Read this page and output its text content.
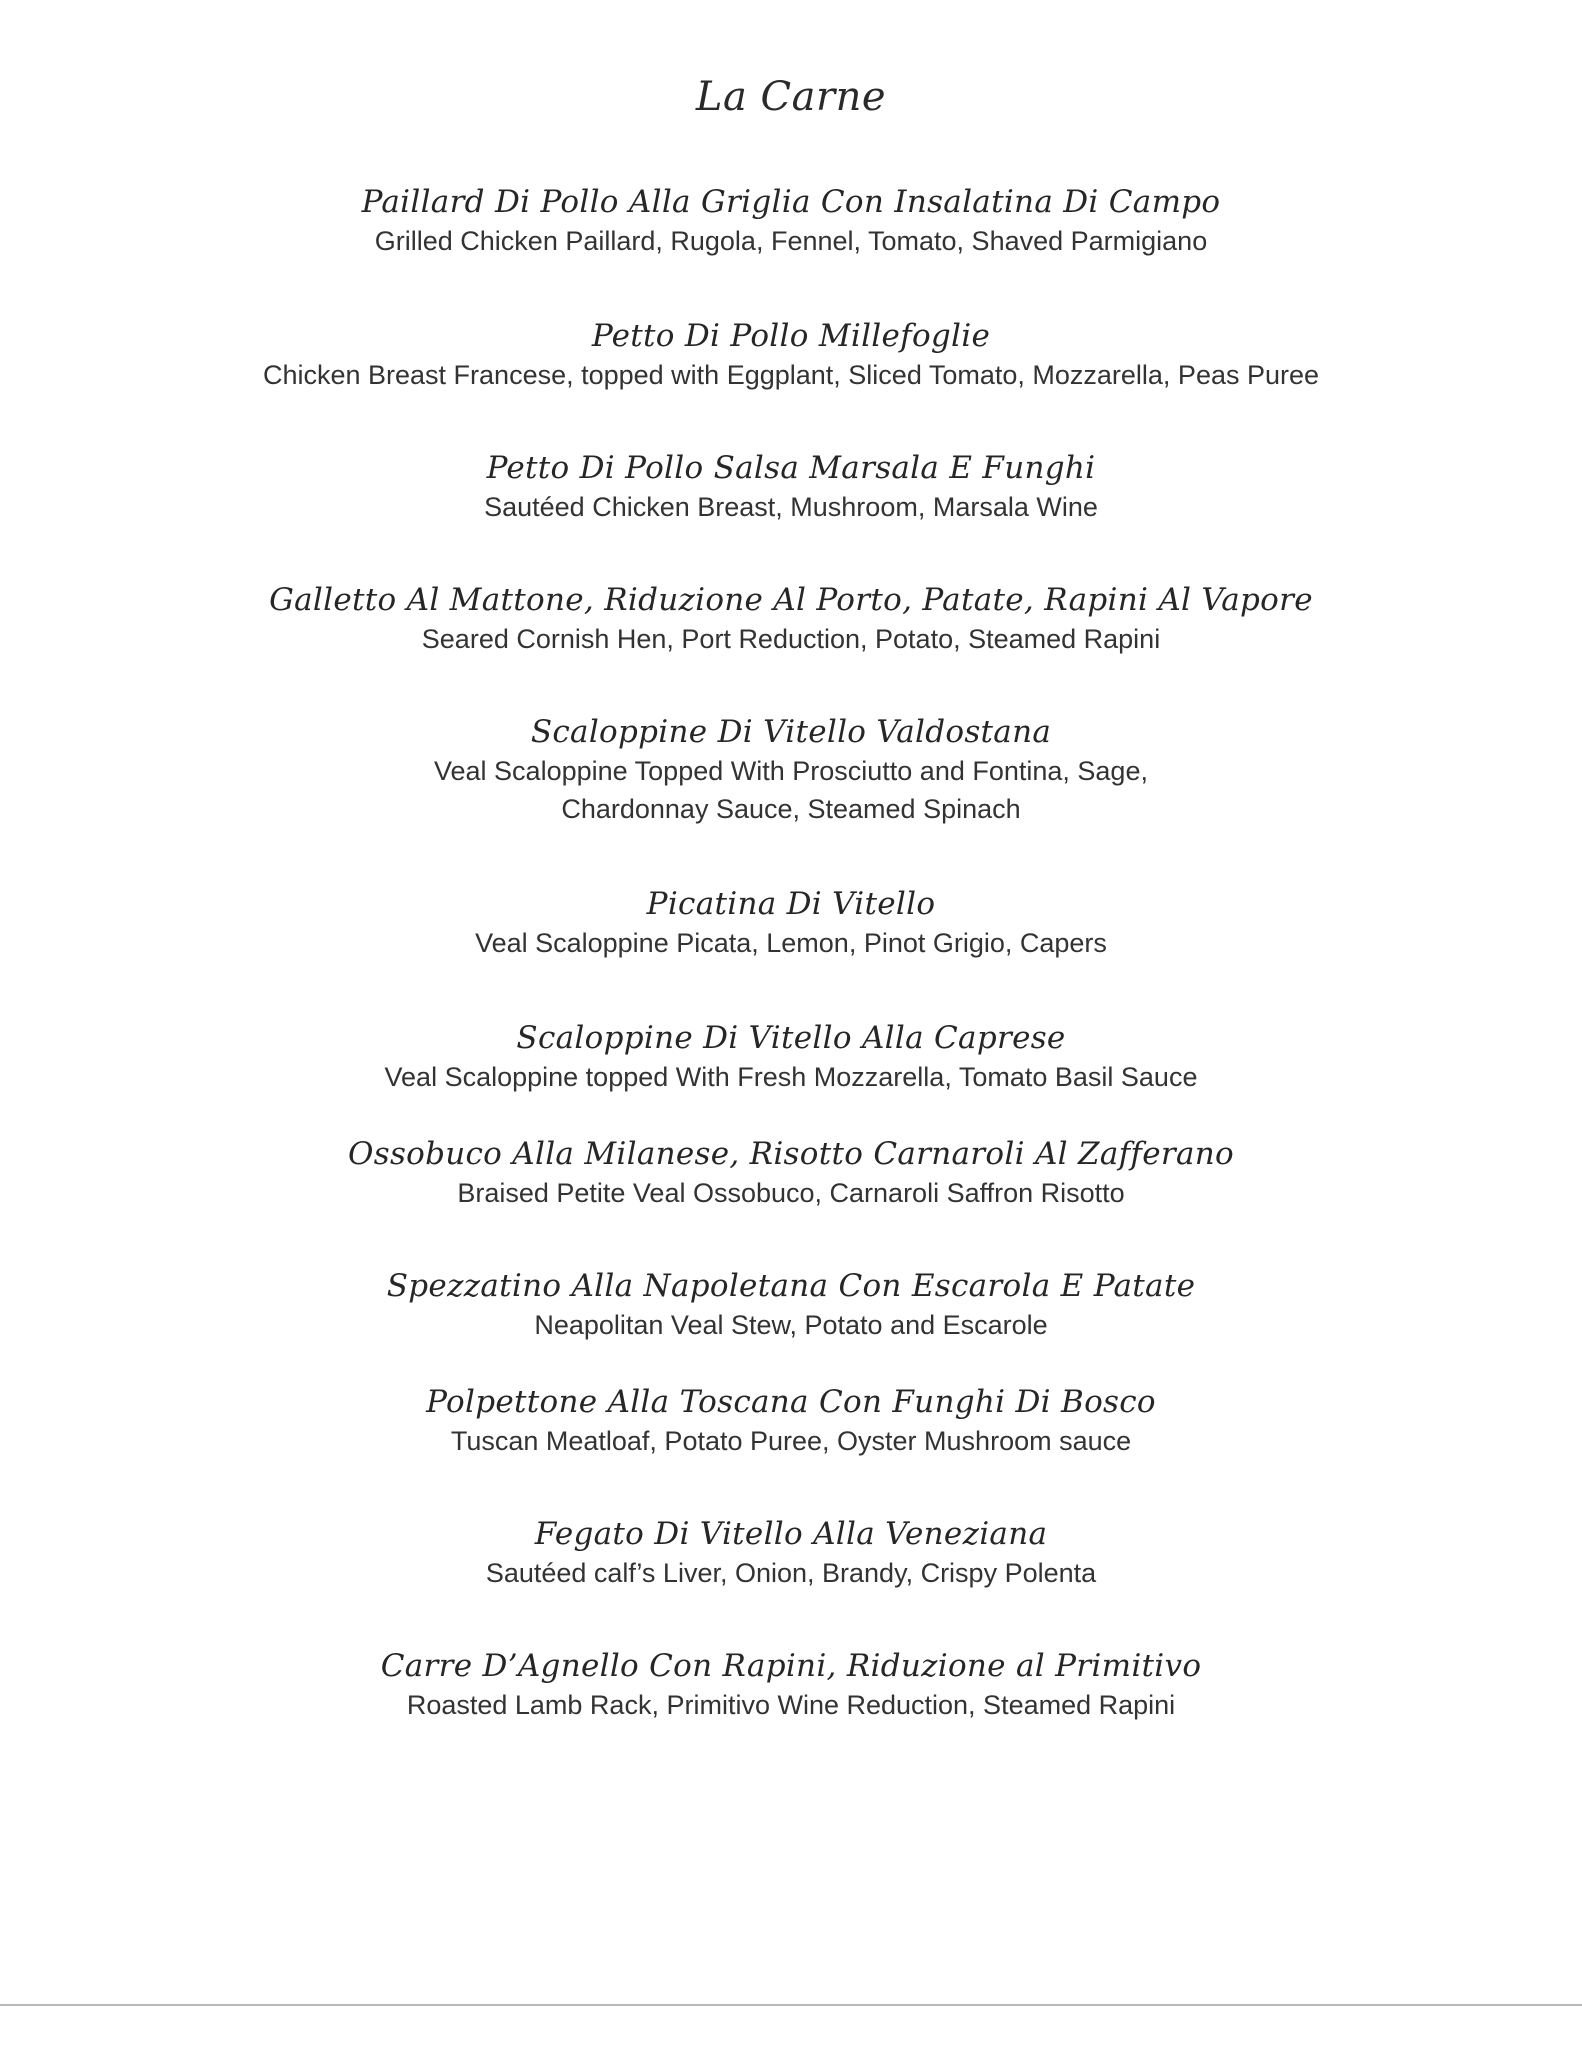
La Carne
Paillard Di Pollo Alla Griglia Con Insalatina Di Campo
Grilled Chicken Paillard, Rugola, Fennel, Tomato, Shaved Parmigiano
Petto Di Pollo Millefoglie
Chicken Breast Francese, topped with Eggplant, Sliced Tomato, Mozzarella, Peas Puree
Petto Di Pollo Salsa Marsala E Funghi
Sautéed Chicken Breast, Mushroom, Marsala Wine
Galletto Al Mattone, Riduzione Al Porto, Patate, Rapini Al Vapore
Seared Cornish Hen, Port Reduction, Potato, Steamed Rapini
Scaloppine Di Vitello Valdostana
Veal Scaloppine Topped With Prosciutto and Fontina, Sage,
Chardonnay Sauce, Steamed Spinach
Picatina Di Vitello
Veal Scaloppine Picata, Lemon, Pinot Grigio, Capers
Scaloppine Di Vitello Alla Caprese
Veal Scaloppine topped With Fresh Mozzarella, Tomato Basil Sauce
Ossobuco Alla Milanese, Risotto Carnaroli Al Zafferano
Braised Petite Veal Ossobuco, Carnaroli Saffron Risotto
Spezzatino Alla Napoletana Con Escarola E Patate
Neapolitan Veal Stew, Potato and Escarole
Polpettone Alla Toscana Con Funghi Di Bosco
Tuscan Meatloaf, Potato Puree, Oyster Mushroom sauce
Fegato Di Vitello Alla Veneziana
Sautéed calf’s Liver, Onion, Brandy, Crispy Polenta
Carre D’Agnello Con Rapini, Riduzione al Primitivo
Roasted Lamb Rack, Primitivo Wine Reduction, Steamed Rapini
